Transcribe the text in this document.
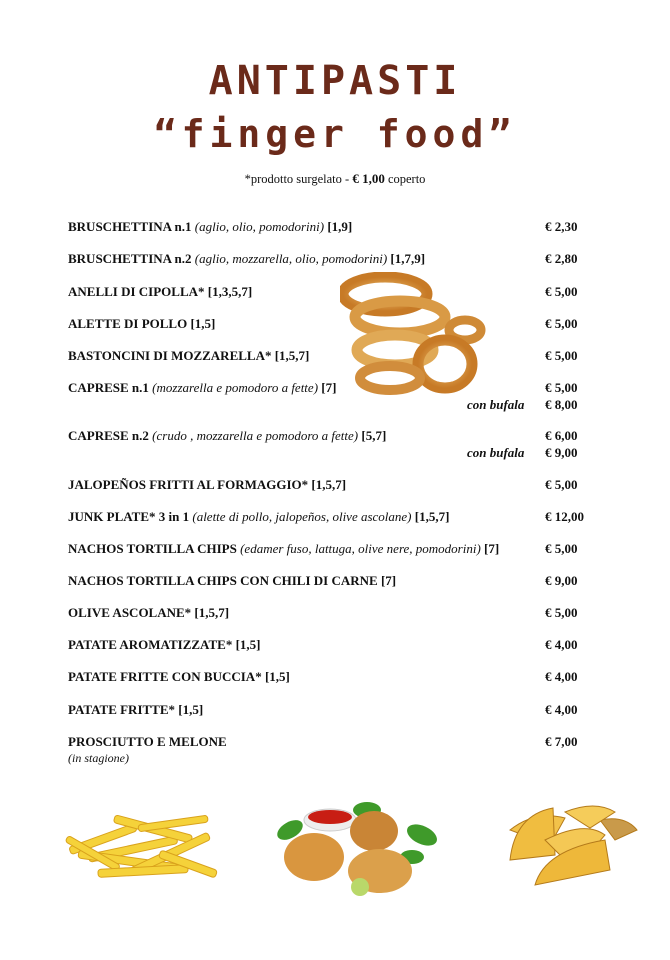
ANTIPASTI
“finger food”
*prodotto surgelato - € 1,00 coperto
BRUSCHETTINA n.1 (aglio, olio, pomodorini) [1,9]	€ 2,30
BRUSCHETTINA n.2 (aglio, mozzarella, olio, pomodorini) [1,7,9]	€ 2,80
ANELLI DI CIPOLLA* [1,3,5,7]	€ 5,00
ALETTE DI POLLO [1,5]	€ 5,00
BASTONCINI DI MOZZARELLA* [1,5,7]	€ 5,00
CAPRESE n.1 (mozzarella e pomodoro a fette) [7]	€ 5,00
con bufala € 8,00
CAPRESE n.2 (crudo , mozzarella e pomodoro a fette) [5,7]	€ 6,00
con bufala € 9,00
JALOPEÑOS FRITTI AL FORMAGGIO* [1,5,7]	€ 5,00
JUNK PLATE* 3 in 1 (alette di pollo, jalopeños, olive ascolane) [1,5,7]	€ 12,00
NACHOS TORTILLA CHIPS (edamer fuso, lattuga, olive nere, pomodorini) [7]	€ 5,00
NACHOS TORTILLA CHIPS CON CHILI DI CARNE [7]	€ 9,00
OLIVE ASCOLANE* [1,5,7]	€ 5,00
PATATE AROMATIZZATE* [1,5]	€ 4,00
PATATE FRITTE CON BUCCIA* [1,5]	€ 4,00
PATATE FRITTE* [1,5]	€ 4,00
PROSCIUTTO E MELONE	€ 7,00
(in stagione)
